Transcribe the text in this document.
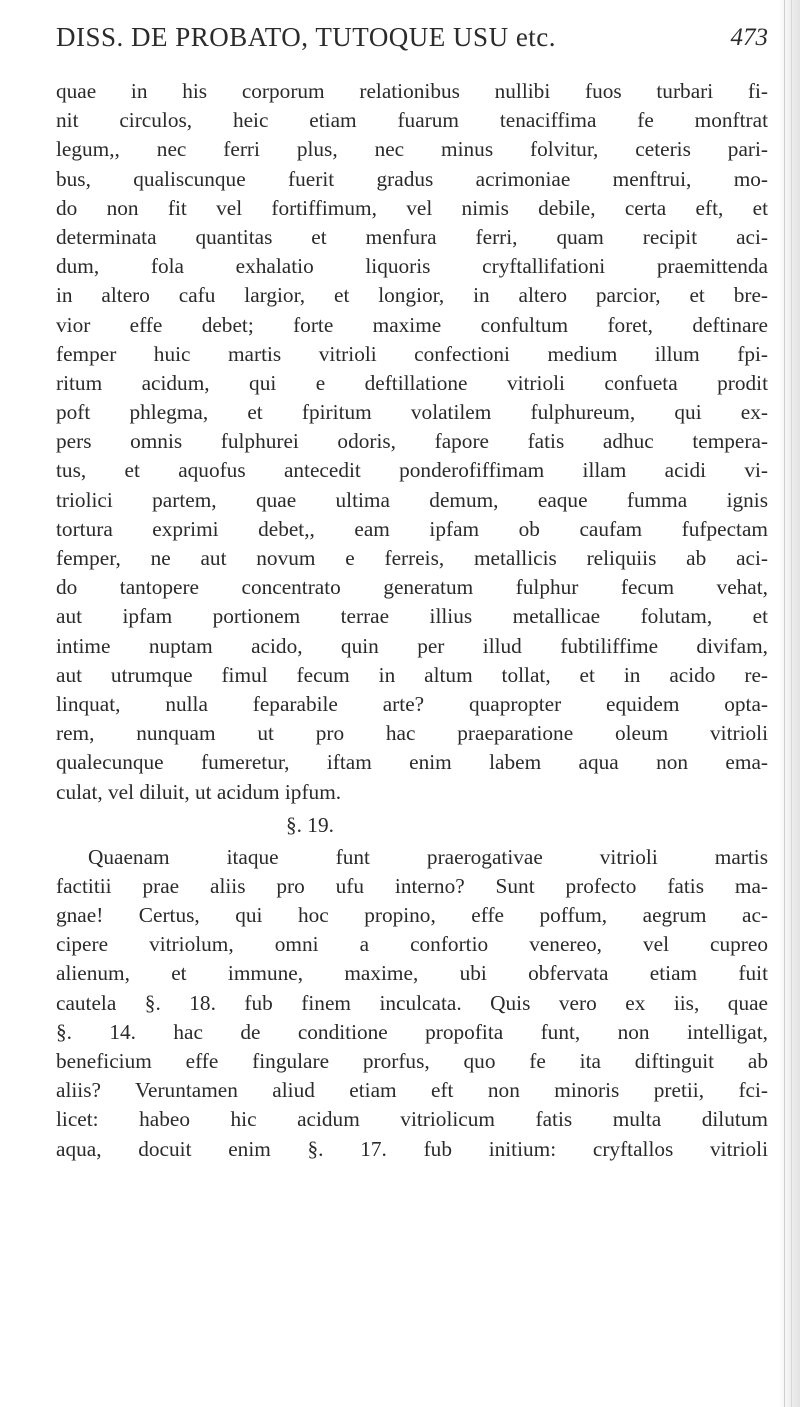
DISS. DE PROBATO, TUTOQUE USU etc.	473
quae in his corporum relationibus nullibi fuos turbari fi-
nit circulos, heic etiam fuarum tenaciffima fe monftrat
legum,, nec ferri plus, nec minus folvitur, ceteris pari-
bus, qualiscunque fuerit gradus acrimoniae menftrui, mo-
do non fit vel fortiffimum, vel nimis debile, certa eft, et
determinata quantitas et menfura ferri, quam recipit aci-
dum, fola exhalatio liquoris cryftallifationi praemittenda
in altero cafu largior, et longior, in altero parcior, et bre-
vior effe debet; forte maxime confultum foret, deftinare
femper huic martis vitrioli confectioni medium illum fpi-
ritum acidum, qui e deftillatione vitrioli confueta prodit
poft phlegma, et fpiritum volatilem fulphureum, qui ex-
pers omnis fulphurei odoris, fapore fatis adhuc tempera-
tus, et aquofus antecedit ponderofiffimam illam acidi vi-
triolici partem, quae ultima demum, eaque fumma ignis
tortura exprimi debet,, eam ipfam ob caufam fufpectam
femper, ne aut novum e ferreis, metallicis reliquiis ab aci-
do tantopere concentrato generatum fulphur fecum vehat,
aut ipfam portionem terrae illius metallicae folutam, et
intime nuptam acido, quin per illud fubtiliffime divifam,
aut utrumque fimul fecum in altum tollat, et in acido re-
linquat, nulla feparabile arte? quapropter equidem opta-
rem, nunquam ut pro hac praeparatione oleum vitrioli
qualecunque fumeretur, iftam enim labem aqua non ema-
culat, vel diluit, ut acidum ipfum.
§. 19.
Quaenam itaque funt praerogativae vitrioli martis
factitii prae aliis pro ufu interno? Sunt profecto fatis ma-
gnae! Certus, qui hoc propino, effe poffum, aegrum ac-
cipere vitriolum, omni a confortio venereo, vel cupreo
alienum, et immune, maxime, ubi obfervata etiam fuit
cautela §. 18. fub finem inculcata. Quis vero ex iis, quae
§. 14. hac de conditione propofita funt, non intelligat,
beneficium effe fingulare prorfus, quo fe ita diftinguit ab
aliis? Veruntamen aliud etiam eft non minoris pretii, fci-
licet: habeo hic acidum vitriolicum fatis multa dilutum
aqua, docuit enim §. 17. fub initium: cryftallos vitrioli
